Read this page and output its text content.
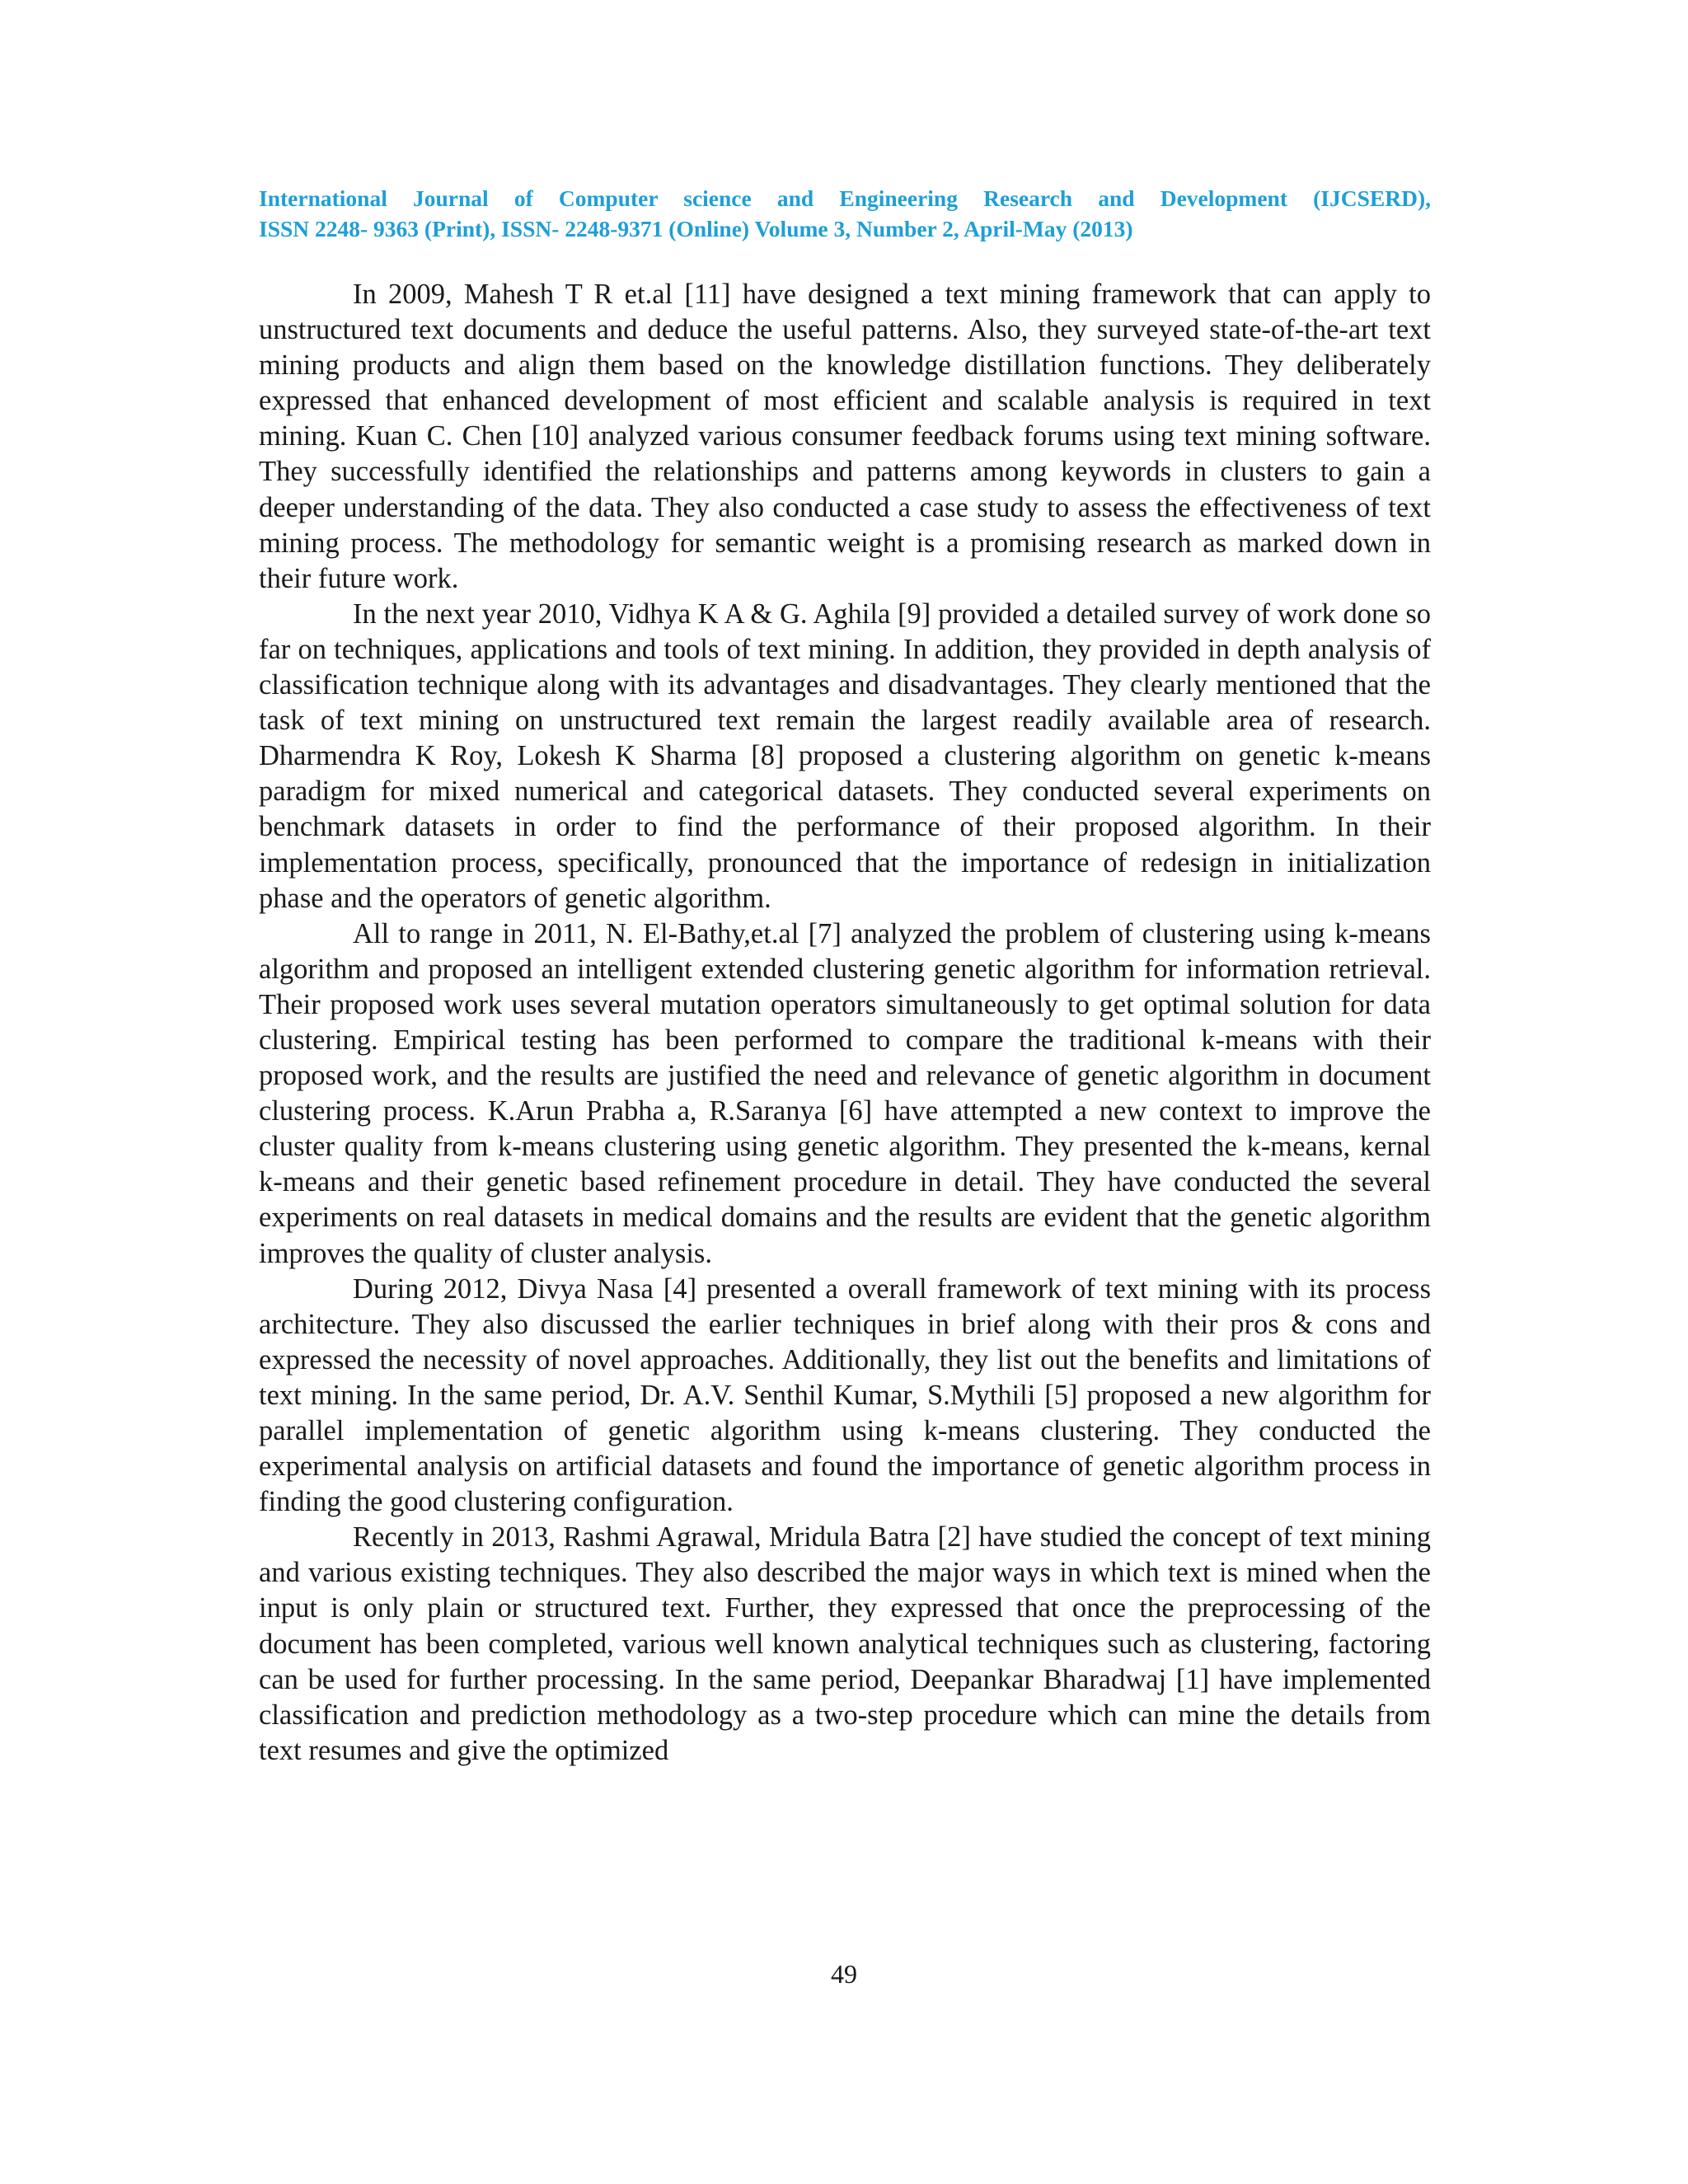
International Journal of Computer science and Engineering Research and Development (IJCSERD),
ISSN 2248- 9363 (Print), ISSN- 2248-9371 (Online) Volume 3, Number 2, April-May (2013)

In 2009, Mahesh T R et.al [11] have designed a text mining framework that can apply to unstructured text documents and deduce the useful patterns. Also, they surveyed state-of-the-art text mining products and align them based on the knowledge distillation functions. They deliberately expressed that enhanced development of most efficient and scalable analysis is required in text mining. Kuan C. Chen [10] analyzed various consumer feedback forums using text mining software. They successfully identified the relationships and patterns among keywords in clusters to gain a deeper understanding of the data. They also conducted a case study to assess the effectiveness of text mining process. The methodology for semantic weight is a promising research as marked down in their future work.

In the next year 2010, Vidhya K A & G. Aghila [9] provided a detailed survey of work done so far on techniques, applications and tools of text mining. In addition, they provided in depth analysis of classification technique along with its advantages and disadvantages. They clearly mentioned that the task of text mining on unstructured text remain the largest readily available area of research. Dharmendra K Roy, Lokesh K Sharma [8] proposed a clustering algorithm on genetic k-means paradigm for mixed numerical and categorical datasets. They conducted several experiments on benchmark datasets in order to find the performance of their proposed algorithm. In their implementation process, specifically, pronounced that the importance of redesign in initialization phase and the operators of genetic algorithm.

All to range in 2011, N. El-Bathy,et.al [7] analyzed the problem of clustering using k-means algorithm and proposed an intelligent extended clustering genetic algorithm for information retrieval. Their proposed work uses several mutation operators simultaneously to get optimal solution for data clustering. Empirical testing has been performed to compare the traditional k-means with their proposed work, and the results are justified the need and relevance of genetic algorithm in document clustering process. K.Arun Prabha a, R.Saranya [6] have attempted a new context to improve the cluster quality from k-means clustering using genetic algorithm. They presented the k-means, kernal k-means and their genetic based refinement procedure in detail. They have conducted the several experiments on real datasets in medical domains and the results are evident that the genetic algorithm improves the quality of cluster analysis.

During 2012, Divya Nasa [4] presented a overall framework of text mining with its process architecture. They also discussed the earlier techniques in brief along with their pros & cons and expressed the necessity of novel approaches. Additionally, they list out the benefits and limitations of text mining. In the same period, Dr. A.V. Senthil Kumar, S.Mythili [5] proposed a new algorithm for parallel implementation of genetic algorithm using k-means clustering. They conducted the experimental analysis on artificial datasets and found the importance of genetic algorithm process in finding the good clustering configuration.

Recently in 2013, Rashmi Agrawal, Mridula Batra [2] have studied the concept of text mining and various existing techniques. They also described the major ways in which text is mined when the input is only plain or structured text. Further, they expressed that once the preprocessing of the document has been completed, various well known analytical techniques such as clustering, factoring can be used for further processing. In the same period, Deepankar Bharadwaj [1] have implemented classification and prediction methodology as a two-step procedure which can mine the details from text resumes and give the optimized

49
